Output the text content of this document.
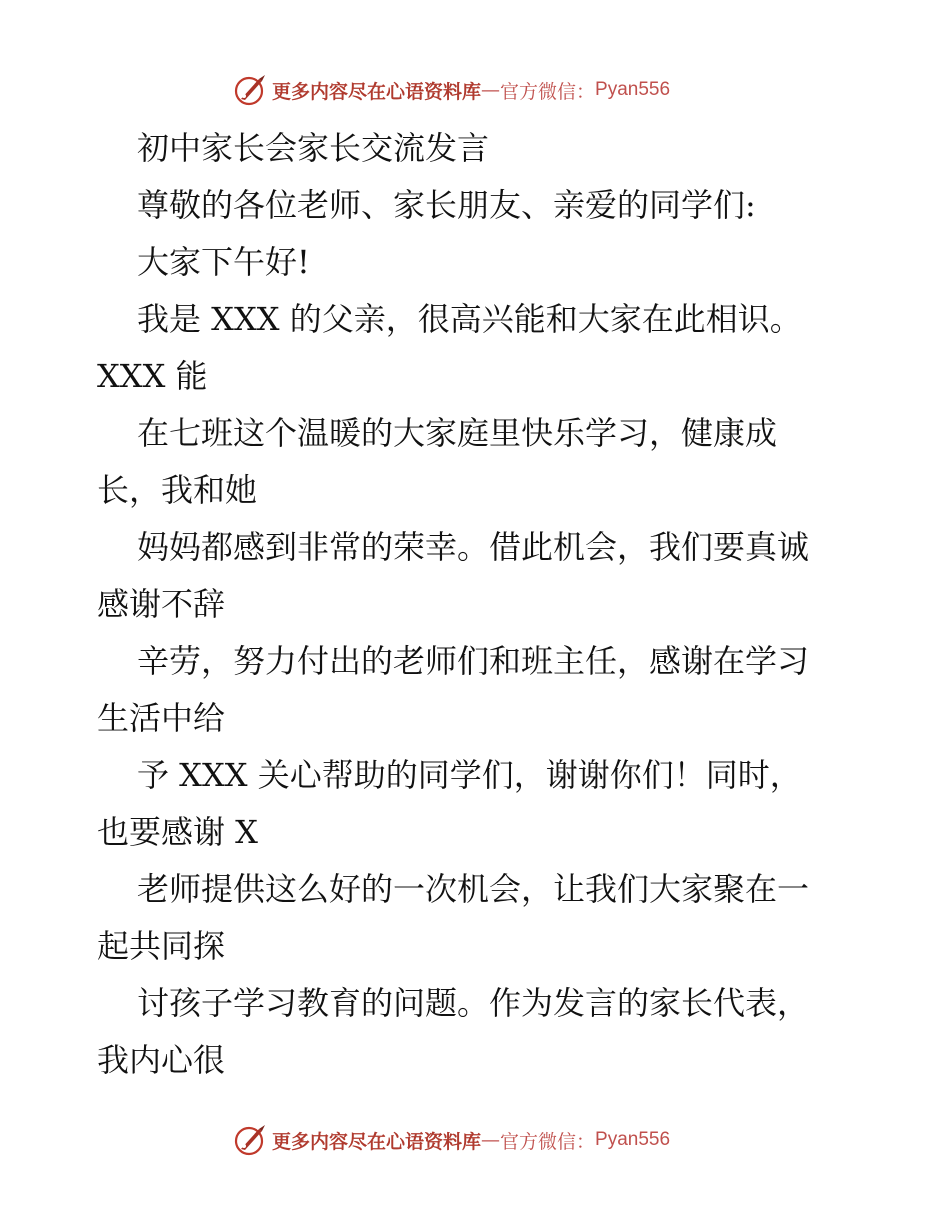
更多内容尽在心语资料库 — 官方微信： Pyan556
初中家长会家长交流发言
尊敬的各位老师、家长朋友、亲爱的同学们:
大家下午好!
我是 XXX 的父亲，很高兴能和大家在此相识。
XXX 能
在七班这个温暖的大家庭里快乐学习，健康成
长，我和她
妈妈都感到非常的荣幸。借此机会，我们要真诚
感谢不辞
辛劳，努力付出的老师们和班主任，感谢在学习
生活中给
予 XXX 关心帮助的同学们，谢谢你们！同时，
也要感谢 X
老师提供这么好的一次机会，让我们大家聚在一
起共同探
讨孩子学习教育的问题。作为发言的家长代表，
我内心很
更多内容尽在心语资料库 — 官方微信： Pyan556
